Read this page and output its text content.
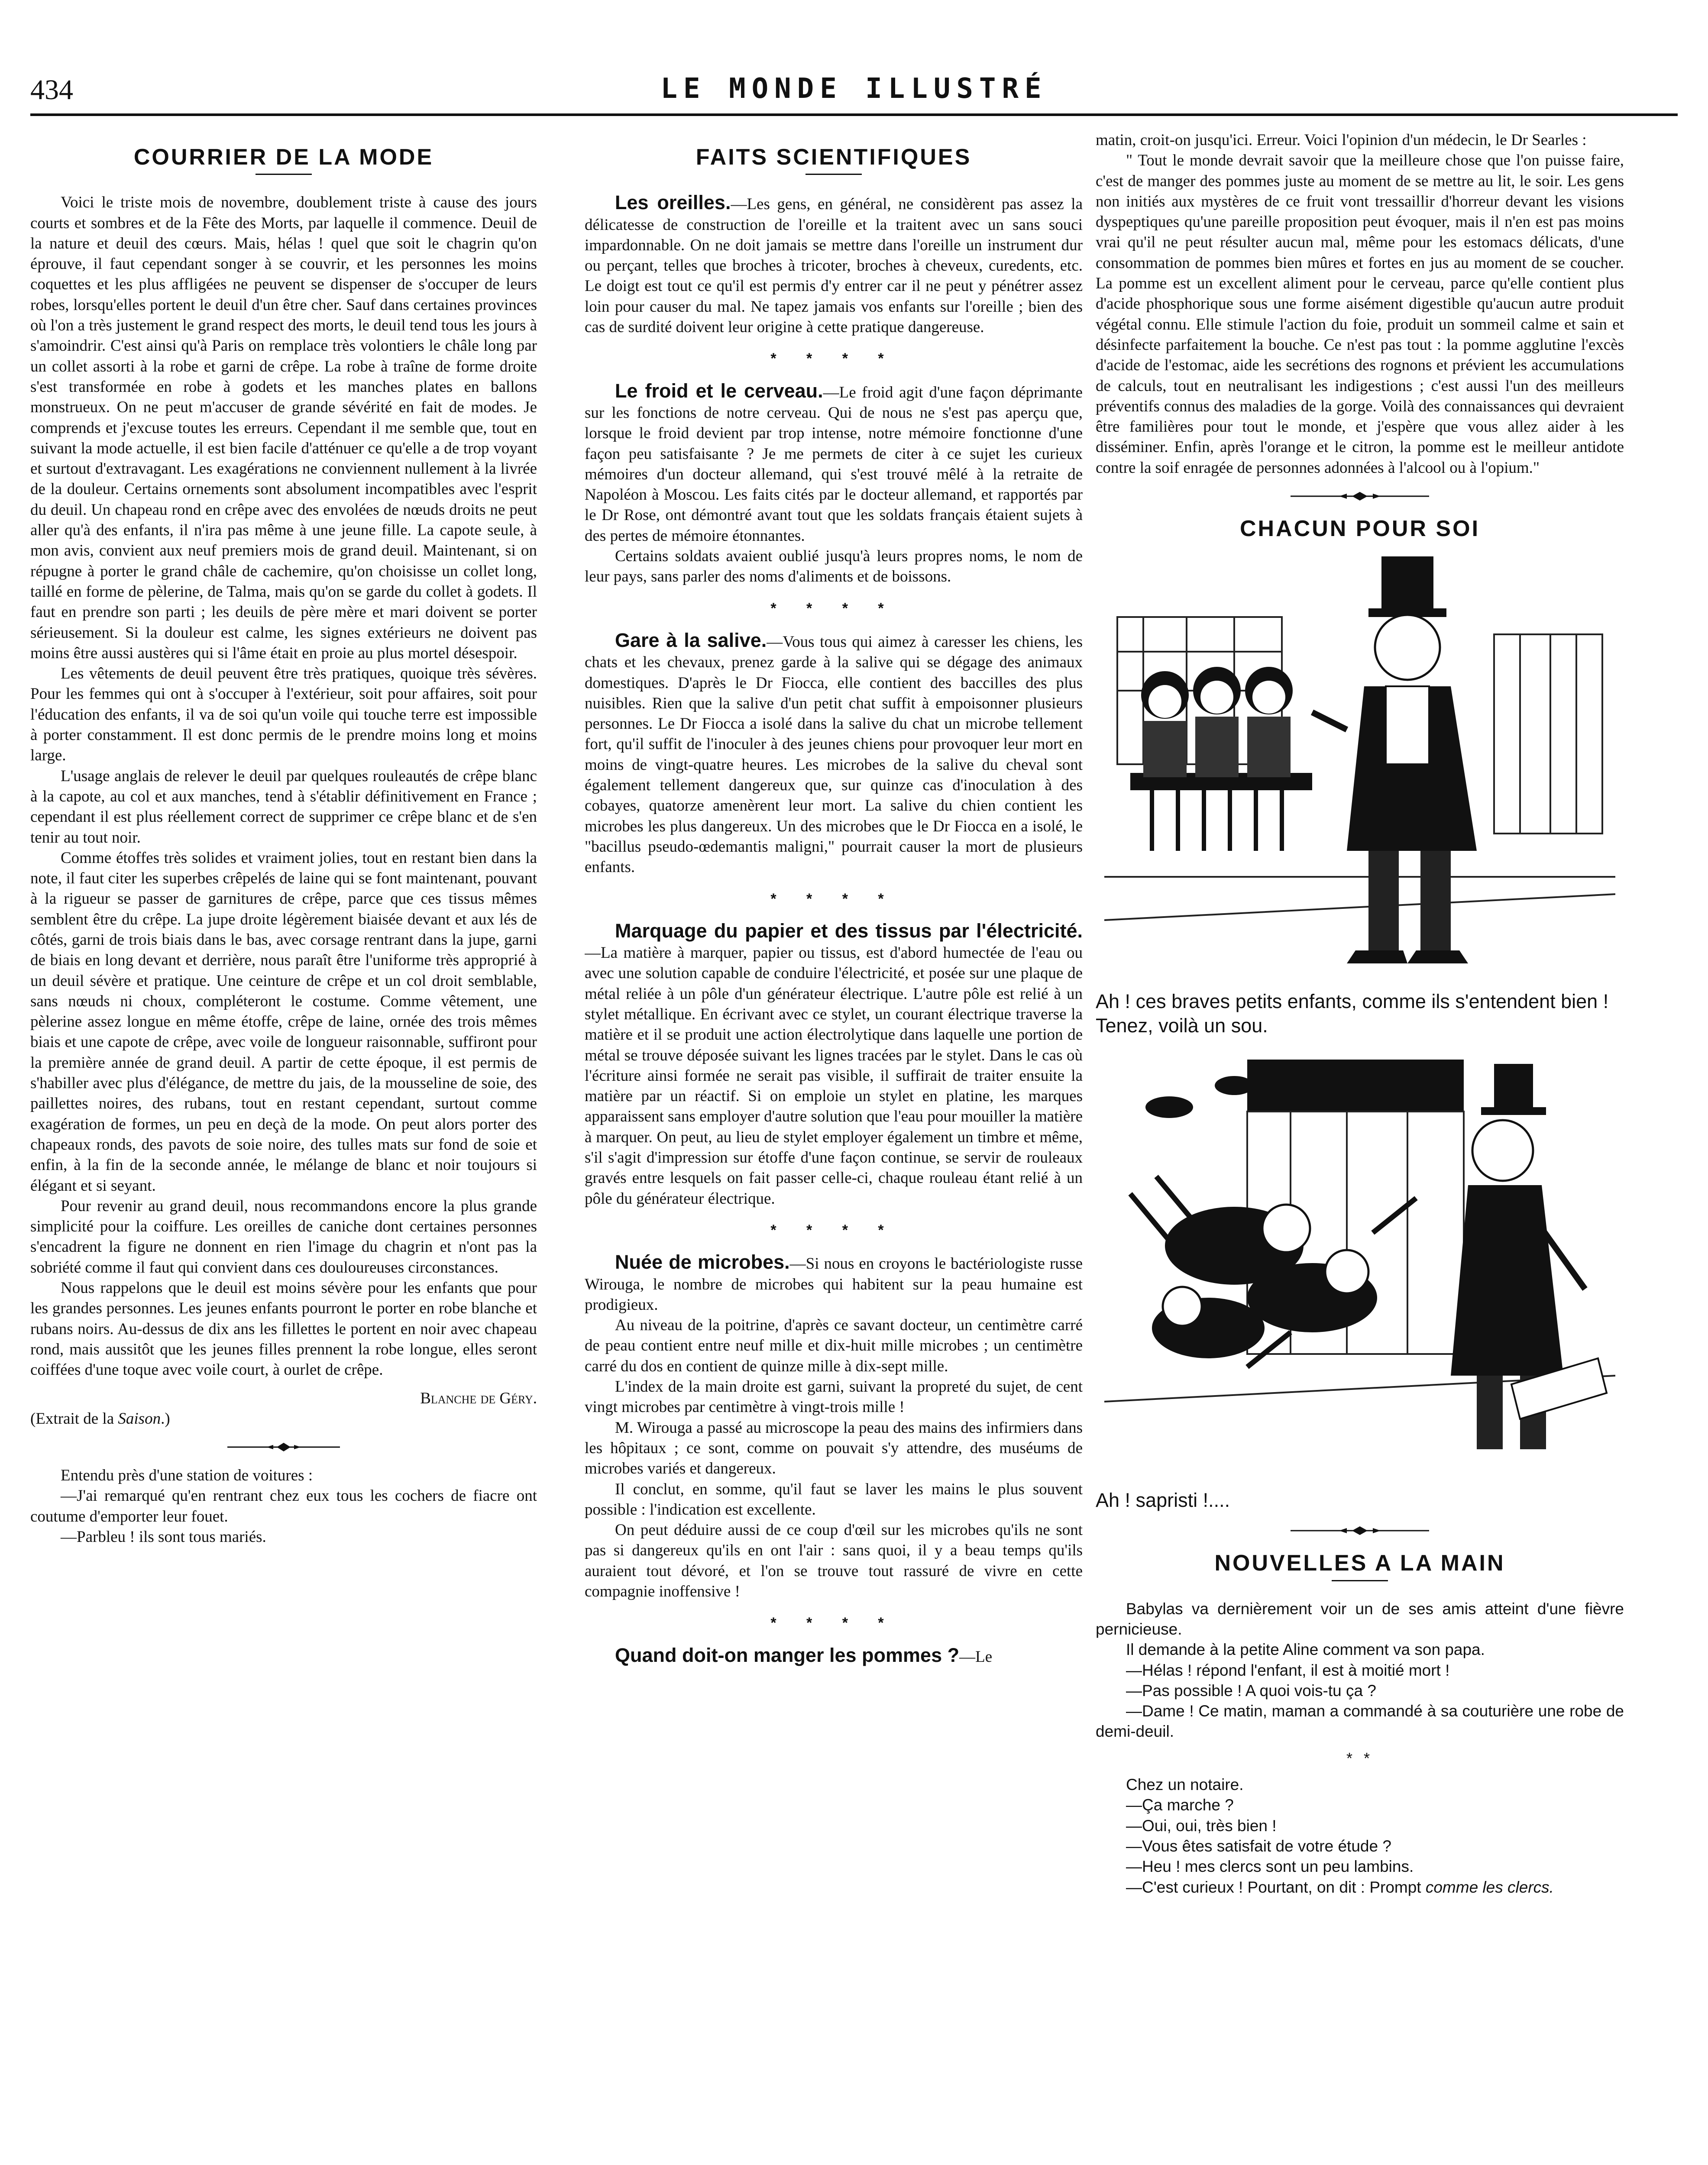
434	LE MONDE ILLUSTRÉ
COURRIER DE LA MODE

Voici le triste mois de novembre, doublement triste à cause des jours courts et sombres et de la Fête des Morts, par laquelle il commence. Deuil de la nature et deuil des cœurs. Mais, hélas ! quel que soit le chagrin qu'on éprouve, il faut cependant songer à se couvrir, et les personnes les moins coquettes et les plus affligées ne peuvent se dispenser de s'occuper de leurs robes, lorsqu'elles portent le deuil d'un être cher. Sauf dans certaines provinces où l'on a très justement le grand respect des morts, le deuil tend tous les jours à s'amoindrir. C'est ainsi qu'à Paris on remplace très volontiers le châle long par un collet assorti à la robe et garni de crêpe. La robe à traîne de forme droite s'est transformée en robe à godets et les manches plates en ballons monstrueux. On ne peut m'accuser de grande sévérité en fait de modes. Je comprends et j'excuse toutes les erreurs. Cependant il me semble que, tout en suivant la mode actuelle, il est bien facile d'atténuer ce qu'elle a de trop voyant et surtout d'extravagant. Les exagérations ne conviennent nullement à la livrée de la douleur. Certains ornements sont absolument incompatibles avec l'esprit du deuil. Un chapeau rond en crêpe avec des envolées de nœuds droits ne peut aller qu'à des enfants, il n'ira pas même à une jeune fille. La capote seule, à mon avis, convient aux neuf premiers mois de grand deuil. Maintenant, si on répugne à porter le grand châle de cachemire, qu'on choisisse un collet long, taillé en forme de pèlerine, de Talma, mais qu'on se garde du collet à godets. Il faut en prendre son parti ; les deuils de père mère et mari doivent se porter sérieusement. Si la douleur est calme, les signes extérieurs ne doivent pas moins être aussi austères qui si l'âme était en proie au plus mortel désespoir.

Les vêtements de deuil peuvent être très pratiques, quoique très sévères. Pour les femmes qui ont à s'occuper à l'extérieur, soit pour affaires, soit pour l'éducation des enfants, il va de soi qu'un voile qui touche terre est impossible à porter constamment. Il est donc permis de le prendre moins long et moins large.

L'usage anglais de relever le deuil par quelques rouleautés de crêpe blanc à la capote, au col et aux manches, tend à s'établir définitivement en France ; cependant il est plus réellement correct de supprimer ce crêpe blanc et de s'en tenir au tout noir.

Comme étoffes très solides et vraiment jolies, tout en restant bien dans la note, il faut citer les superbes crêpelés de laine qui se font maintenant, pouvant à la rigueur se passer de garnitures de crêpe, parce que ces tissus mêmes semblent être du crêpe. La jupe droite légèrement biaisée devant et aux lés de côtés, garni de trois biais dans le bas, avec corsage rentrant dans la jupe, garni de biais en long devant et derrière, nous paraît être l'uniforme très approprié à un deuil sévère et pratique. Une ceinture de crêpe et un col droit semblable, sans nœuds ni choux, compléteront le costume. Comme vêtement, une pèlerine assez longue en même étoffe, crêpe de laine, ornée des trois mêmes biais et une capote de crêpe, avec voile de longueur raisonnable, suffiront pour la première année de grand deuil. A partir de cette époque, il est permis de s'habiller avec plus d'élégance, de mettre du jais, de la mousseline de soie, des paillettes noires, des rubans, tout en restant cependant, surtout comme exagération de formes, un peu en deçà de la mode. On peut alors porter des chapeaux ronds, des pavots de soie noire, des tulles mats sur fond de soie et enfin, à la fin de la seconde année, le mélange de blanc et noir toujours si élégant et si seyant.

Pour revenir au grand deuil, nous recommandons encore la plus grande simplicité pour la coiffure. Les oreilles de caniche dont certaines personnes s'encadrent la figure ne donnent en rien l'image du chagrin et n'ont pas la sobriété comme il faut qui convient dans ces douloureuses circonstances.

Nous rappelons que le deuil est moins sévère pour les enfants que pour les grandes personnes. Les jeunes enfants pourront le porter en robe blanche et rubans noirs. Au-dessus de dix ans les fillettes le portent en noir avec chapeau rond, mais aussitôt que les jeunes filles prennent la robe longue, elles seront coiffées d'une toque avec voile court, à ourlet de crêpe.

Blanche de Géry.

(Extrait de la Saison.)

Entendu près d'une station de voitures :

—J'ai remarqué qu'en rentrant chez eux tous les cochers de fiacre ont coutume d'emporter leur fouet.

—Parbleu ! ils sont tous mariés.

FAITS SCIENTIFIQUES

Les oreilles.—Les gens, en général, ne considèrent pas assez la délicatesse de construction de l'oreille et la traitent avec un sans souci impardonnable. On ne doit jamais se mettre dans l'oreille un instrument dur ou perçant, telles que broches à tricoter, broches à cheveux, curedents, etc. Le doigt est tout ce qu'il est permis d'y entrer car il ne peut y pénétrer assez loin pour causer du mal. Ne tapez jamais vos enfants sur l'oreille ; bien des cas de surdité doivent leur origine à cette pratique dangereuse.

* * * *

Le froid et le cerveau.—Le froid agit d'une façon déprimante sur les fonctions de notre cerveau. Qui de nous ne s'est pas aperçu que, lorsque le froid devient par trop intense, notre mémoire fonctionne d'une façon peu satisfaisante ? Je me permets de citer à ce sujet les curieux mémoires d'un docteur allemand, qui s'est trouvé mêlé à la retraite de Napoléon à Moscou. Les faits cités par le docteur allemand, et rapportés par le Dr Rose, ont démontré avant tout que les soldats français étaient sujets à des pertes de mémoire étonnantes.

Certains soldats avaient oublié jusqu'à leurs propres noms, le nom de leur pays, sans parler des noms d'aliments et de boissons.

* * * *

Gare à la salive.—Vous tous qui aimez à caresser les chiens, les chats et les chevaux, prenez garde à la salive qui se dégage des animaux domestiques. D'après le Dr Fiocca, elle contient des baccilles des plus nuisibles. Rien que la salive d'un petit chat suffit à empoisonner plusieurs personnes. Le Dr Fiocca a isolé dans la salive du chat un microbe tellement fort, qu'il suffit de l'inoculer à des jeunes chiens pour provoquer leur mort en moins de vingt-quatre heures. Les microbes de la salive du cheval sont également tellement dangereux que, sur quinze cas d'inoculation à des cobayes, quatorze amenèrent leur mort. La salive du chien contient les microbes les plus dangereux. Un des microbes que le Dr Fiocca en a isolé, le "bacillus pseudo-œdemantis maligni," pourrait causer la mort de plusieurs enfants.

* * * *

Marquage du papier et des tissus par l'électricité.—La matière à marquer, papier ou tissus, est d'abord humectée de l'eau ou avec une solution capable de conduire l'électricité, et posée sur une plaque de métal reliée à un pôle d'un générateur électrique. L'autre pôle est relié à un stylet métallique. En écrivant avec ce stylet, un courant électrique traverse la matière et il se produit une action électrolytique dans laquelle une portion de métal se trouve déposée suivant les lignes tracées par le stylet. Dans le cas où l'écriture ainsi formée ne serait pas visible, il suffirait de traiter ensuite la matière par un réactif. Si on emploie un stylet en platine, les marques apparaissent sans employer d'autre solution que l'eau pour mouiller la matière à marquer. On peut, au lieu de stylet employer également un timbre et même, s'il s'agit d'impression sur étoffe d'une façon continue, se servir de rouleaux gravés entre lesquels on fait passer celle-ci, chaque rouleau étant relié à un pôle du générateur électrique.

* * * *

Nuée de microbes.—Si nous en croyons le bactériologiste russe Wirouga, le nombre de microbes qui habitent sur la peau humaine est prodigieux.

Au niveau de la poitrine, d'après ce savant docteur, un centimètre carré de peau contient entre neuf mille et dix-huit mille microbes ; un centimètre carré du dos en contient de quinze mille à dix-sept mille.

L'index de la main droite est garni, suivant la propreté du sujet, de cent vingt microbes par centimètre à vingt-trois mille !

M. Wirouga a passé au microscope la peau des mains des infirmiers dans les hôpitaux ; ce sont, comme on pouvait s'y attendre, des muséums de microbes variés et dangereux.

Il conclut, en somme, qu'il faut se laver les mains le plus souvent possible : l'indication est excellente.

On peut déduire aussi de ce coup d'œil sur les microbes qu'ils ne sont pas si dangereux qu'ils en ont l'air : sans quoi, il y a beau temps qu'ils auraient tout dévoré, et l'on se trouve tout rassuré de vivre en cette compagnie inoffensive !

* * * *

Quand doit-on manger les pommes ?—Le

matin, croit-on jusqu'ici. Erreur. Voici l'opinion d'un médecin, le Dr Searles :

" Tout le monde devrait savoir que la meilleure chose que l'on puisse faire, c'est de manger des pommes juste au moment de se mettre au lit, le soir. Les gens non initiés aux mystères de ce fruit vont tressaillir d'horreur devant les visions dyspeptiques qu'une pareille proposition peut évoquer, mais il n'en est pas moins vrai qu'il ne peut résulter aucun mal, même pour les estomacs délicats, d'une consommation de pommes bien mûres et fortes en jus au moment de se coucher. La pomme est un excellent aliment pour le cerveau, parce qu'elle contient plus d'acide phosphorique sous une forme aisément digestible qu'aucun autre produit végétal connu. Elle stimule l'action du foie, produit un sommeil calme et sain et désinfecte parfaitement la bouche. Ce n'est pas tout : la pomme agglutine l'excès d'acide de l'estomac, aide les secrétions des rognons et prévient les accumulations de calculs, tout en neutralisant les indigestions ; c'est aussi l'un des meilleurs préventifs connus des maladies de la gorge. Voilà des connaissances qui devraient être familières pour tout le monde, et j'espère que vous allez aider à les disséminer. Enfin, après l'orange et le citron, la pomme est le meilleur antidote contre la soif enragée de personnes adonnées à l'alcool ou à l'opium."

CHACUN POUR SOI

Ah ! ces braves petits enfants, comme ils s'entendent bien ! Tenez, voilà un sou.

Ah ! sapristi !....

NOUVELLES A LA MAIN

Babylas va dernièrement voir un de ses amis atteint d'une fièvre pernicieuse.

Il demande à la petite Aline comment va son papa.

—Hélas ! répond l'enfant, il est à moitié mort !

—Pas possible ! A quoi vois-tu ça ?

—Dame ! Ce matin, maman a commandé à sa couturière une robe de demi-deuil.

* *

Chez un notaire.

—Ça marche ?

—Oui, oui, très bien !

—Vous êtes satisfait de votre étude ?

—Heu ! mes clercs sont un peu lambins.

—C'est curieux ! Pourtant, on dit : Prompt comme les clercs.
